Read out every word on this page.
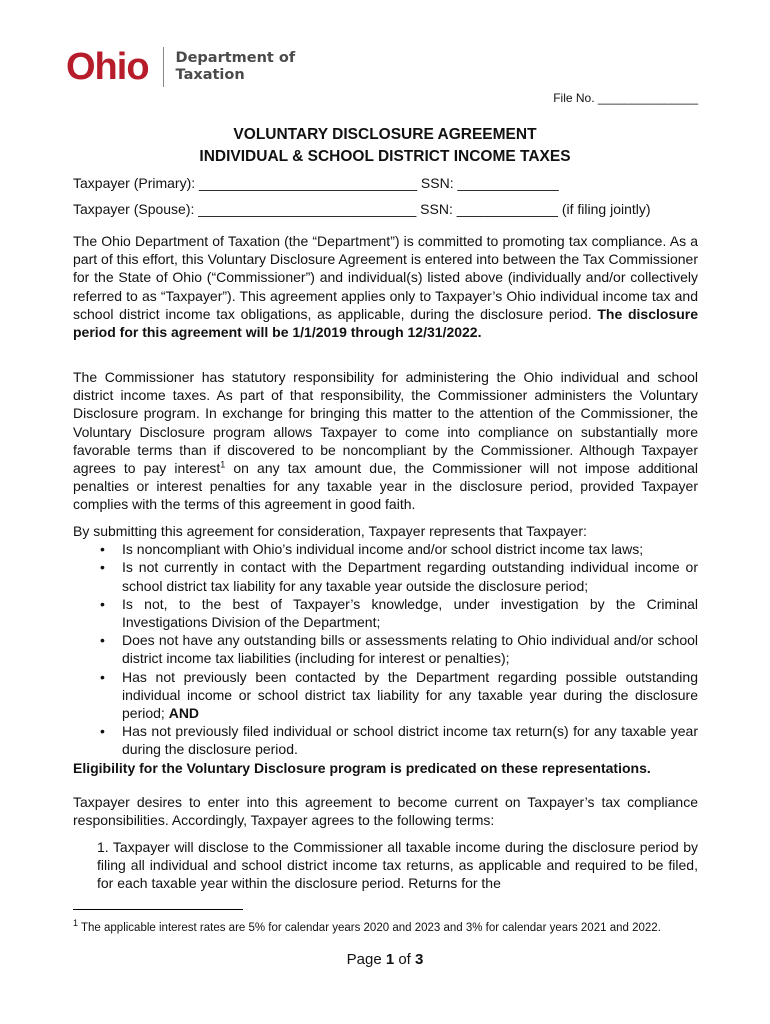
Ohio Department of
Taxation
File No. _______________
VOLUNTARY DISCLOSURE AGREEMENT
INDIVIDUAL & SCHOOL DISTRICT INCOME TAXES
Taxpayer (Primary): ____________________________ SSN: _____________
Taxpayer (Spouse): ____________________________ SSN: _____________ (if filing jointly)

The Ohio Department of Taxation (the “Department”) is committed to promoting tax compliance. As a part of this effort, this Voluntary Disclosure Agreement is entered into between the Tax Commissioner for the State of Ohio (“Commissioner”) and individual(s) listed above (individually and/or collectively referred to as “Taxpayer”). This agreement applies only to Taxpayer’s Ohio individual income tax and school district income tax obligations, as applicable, during the disclosure period. The disclosure period for this agreement will be 1/1/2019 through 12/31/2022.

The Commissioner has statutory responsibility for administering the Ohio individual and school district income taxes. As part of that responsibility, the Commissioner administers the Voluntary Disclosure program. In exchange for bringing this matter to the attention of the Commissioner, the Voluntary Disclosure program allows Taxpayer to come into compliance on substantially more favorable terms than if discovered to be noncompliant by the Commissioner. Although Taxpayer agrees to pay interest$^1$ on any tax amount due, the Commissioner will not impose additional penalties or interest penalties for any taxable year in the disclosure period, provided Taxpayer complies with the terms of this agreement in good faith.

By submitting this agreement for consideration, Taxpayer represents that Taxpayer:

• Is noncompliant with Ohio’s individual income and/or school district income tax laws;
• Is not currently in contact with the Department regarding outstanding individual income or school district tax liability for any taxable year outside the disclosure period;
• Is not, to the best of Taxpayer’s knowledge, under investigation by the Criminal Investigations Division of the Department;
• Does not have any outstanding bills or assessments relating to Ohio individual and/or school district income tax liabilities (including for interest or penalties);
• Has not previously been contacted by the Department regarding possible outstanding individual income or school district tax liability for any taxable year during the disclosure period; AND
• Has not previously filed individual or school district income tax return(s) for any taxable year during the disclosure period.

Eligibility for the Voluntary Disclosure program is predicated on these representations.

Taxpayer desires to enter into this agreement to become current on Taxpayer’s tax compliance responsibilities. Accordingly, Taxpayer agrees to the following terms:

1. Taxpayer will disclose to the Commissioner all taxable income during the disclosure period by filing all individual and school district income tax returns, as applicable and required to be filed, for each taxable year within the disclosure period. Returns for the

$^1$ The applicable interest rates are 5% for calendar years 2020 and 2023 and 3% for calendar years 2021 and 2022.
Page 1 of 3
